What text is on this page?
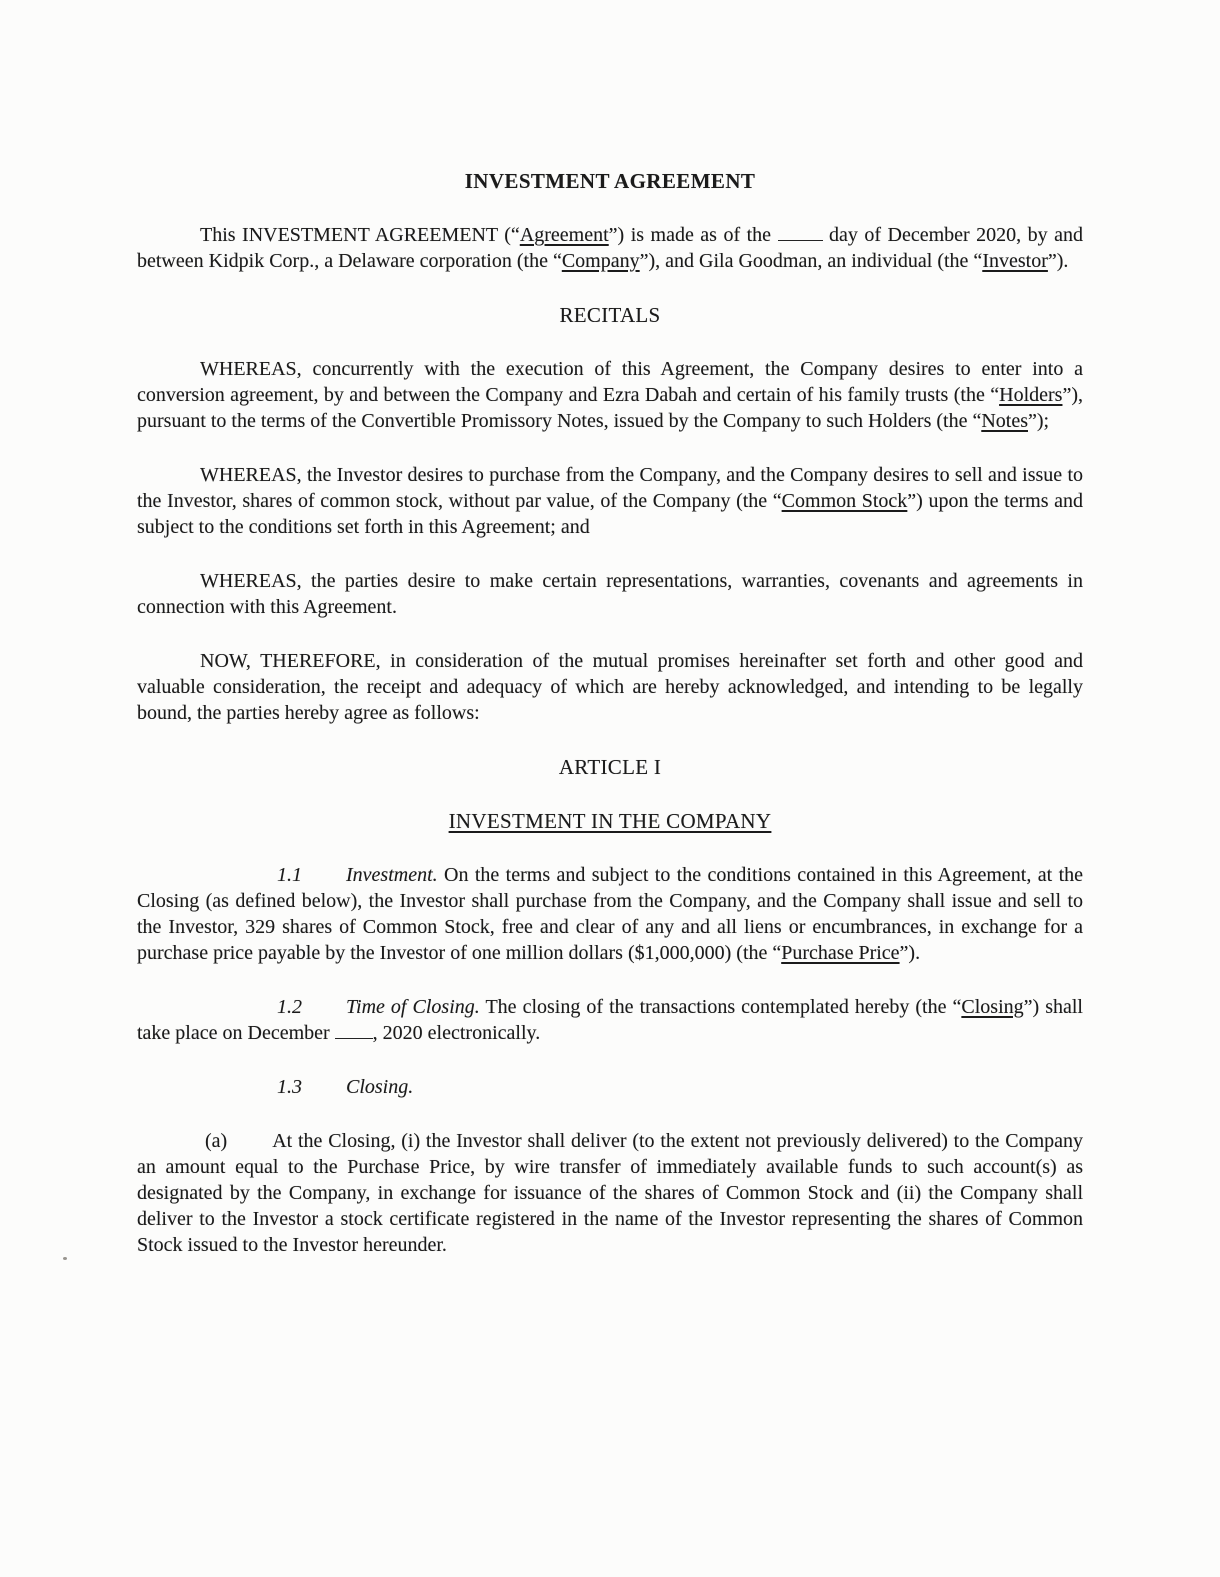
INVESTMENT AGREEMENT

This INVESTMENT AGREEMENT (“Agreement”) is made as of the  day of December 2020, by and between Kidpik Corp., a Delaware corporation (the “Company”), and Gila Goodman, an individual (the “Investor”).

RECITALS

WHEREAS, concurrently with the execution of this Agreement, the Company desires to enter into a conversion agreement, by and between the Company and Ezra Dabah and certain of his family trusts (the “Holders”), pursuant to the terms of the Convertible Promissory Notes, issued by the Company to such Holders (the “Notes”);

WHEREAS, the Investor desires to purchase from the Company, and the Company desires to sell and issue to the Investor, shares of common stock, without par value, of the Company (the “Common Stock”) upon the terms and subject to the conditions set forth in this Agreement; and

WHEREAS, the parties desire to make certain representations, warranties, covenants and agreements in connection with this Agreement.

NOW, THEREFORE, in consideration of the mutual promises hereinafter set forth and other good and valuable consideration, the receipt and adequacy of which are hereby acknowledged, and intending to be legally bound, the parties hereby agree as follows:

ARTICLE I

INVESTMENT IN THE COMPANY

1.1 Investment. On the terms and subject to the conditions contained in this Agreement, at the Closing (as defined below), the Investor shall purchase from the Company, and the Company shall issue and sell to the Investor, 329 shares of Common Stock, free and clear of any and all liens or encumbrances, in exchange for a purchase price payable by the Investor of one million dollars ($1,000,000) (the “Purchase Price”).

1.2 Time of Closing. The closing of the transactions contemplated hereby (the “Closing”) shall take place on December , 2020 electronically.

1.3 Closing.

(a) At the Closing, (i) the Investor shall deliver (to the extent not previously delivered) to the Company an amount equal to the Purchase Price, by wire transfer of immediately available funds to such account(s) as designated by the Company, in exchange for issuance of the shares of Common Stock and (ii) the Company shall deliver to the Investor a stock certificate registered in the name of the Investor representing the shares of Common Stock issued to the Investor hereunder.
